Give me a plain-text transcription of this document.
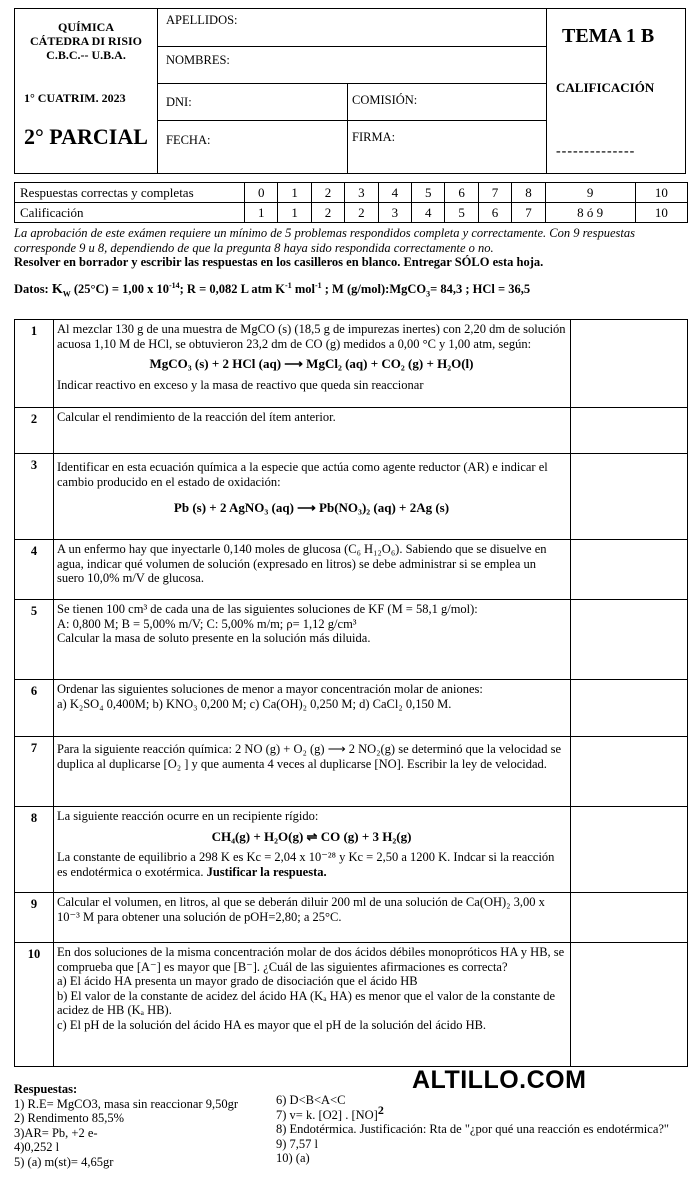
QUÍMICA
CÁTEDRA DI RISIO
C.B.C.-- U.B.A.
1° CUATRIM. 2023
2° PARCIAL
APELLIDOS:
NOMBRES:
DNI:	COMISIÓN:
FECHA:	FIRMA:
TEMA 1 B
CALIFICACIÓN
--------------
Respuestas correctas y completas	0	1	2	3	4	5	6	7	8	9	10
Calificación	1	1	2	2	3	4	5	6	7	8 ó 9	10
La aprobación de este exámen requiere un mínimo de 5 problemas respondidos completa y correctamente. Con 9 respuestas corresponde 9 u 8, dependiendo de que la pregunta 8 haya sido respondida correctamente o no.
Resolver en borrador y escribir las respuestas en los casilleros en blanco. Entregar SÓLO esta hoja.
Datos: $K_W$ (25°C) = 1,00 x $10^{-14}$; R = 0,082 L atm $K^{-1}$ mol$^{-1}$ ; M (g/mol):MgCO$_3$= 84,3 ; HCl = 36,5
1	Al mezclar 130 g de una muestra de MgCO (s) (18,5 g de impurezas inertes) con 2,20 dm de solución acuosa 1,10 M de HCl, se obtuvieron 23,2 dm de CO (g) medidos a 0,00 °C y 1,00 atm, según:
MgCO₃ (s) + 2 HCl (aq) ⟶ MgCl₂ (aq) + CO₂ (g) + H₂O(l)
Indicar reactivo en exceso y la masa de reactivo que queda sin reaccionar	

2	Calcular el rendimiento de la reacción del ítem anterior.	
3	Identificar en esta ecuación química a la especie que actúa como agente reductor (AR) e indicar el cambio producido en el estado de oxidación:
Pb (s) + 2 AgNO₃ (aq) ⟶ Pb(NO₃)₂ (aq) + 2Ag (s)	

4	A un enfermo hay que inyectarle 0,140 moles de glucosa (C₆ H₁₂O₆). Sabiendo que se disuelve en agua, indicar qué volumen de solución (expresado en litros) se debe administrar si se emplea un suero 10,0% m/V de glucosa.	
5	Se tienen 100 cm³ de cada una de las siguientes soluciones de KF (M = 58,1 g/mol):
A: 0,800 M; B = 5,00% m/V; C: 5,00% m/m; ρ= 1,12 g/cm³
Calcular la masa de soluto presente en la solución más diluida.	

6	Ordenar las siguientes soluciones de menor a mayor concentración molar de aniones:
a) K₂SO₄ 0,400M; b) KNO₃ 0,200 M; c) Ca(OH)₂ 0,250 M; d) CaCl₂ 0,150 M.	

7	Para la siguiente reacción química: 2 NO (g) + O₂ (g) ⟶ 2 NO₂(g) se determinó que la velocidad se duplica al duplicarse [O₂ ] y que aumenta 4 veces al duplicarse [NO]. Escribir la ley de velocidad.	
8	La siguiente reacción ocurre en un recipiente rígido:
CH₄(g) + H₂O(g) ⇌ CO (g) + 3 H₂(g)
La constante de equilibrio a 298 K es Kc = 2,04 x 10⁻²⁸ y Kc = 2,50 a 1200 K. Indcar si la reacción es endotérmica o exotérmica. Justificar la respuesta.	

9	Calcular el volumen, en litros, al que se deberán diluir 200 ml de una solución de Ca(OH)₂ 3,00 x 10⁻³ M para obtener una solución de pOH=2,80; a 25°C.	
10	En dos soluciones de la misma concentración molar de dos ácidos débiles monopróticos HA y HB, se comprueba que [A⁻] es mayor que [B⁻]. ¿Cuál de las siguientes afirmaciones es correcta?
a) El ácido HA presenta un mayor grado de disociación que el ácido HB
b) El valor de la constante de acidez del ácido HA (Kₐ HA) es menor que el valor de la constante de acidez de HB (Kₐ HB).
c) El pH de la solución del ácido HA es mayor que el pH de la solución del ácido HB.	

Respuestas:
1) R.E= MgCO3, masa sin reaccionar 9,50gr
2) Rendimento 85,5%
3)AR= Pb, +2 e-
4)0,252 l
5) (a) m(st)= 4,65gr
6) D<B<A<C
7) v= k. [O2] . [NO]$^2$
8) Endotérmica. Justificación: Rta de "¿por qué una reacción es endotérmica?"
9) 7,57 l
10) (a)
ALTILLO.COM
